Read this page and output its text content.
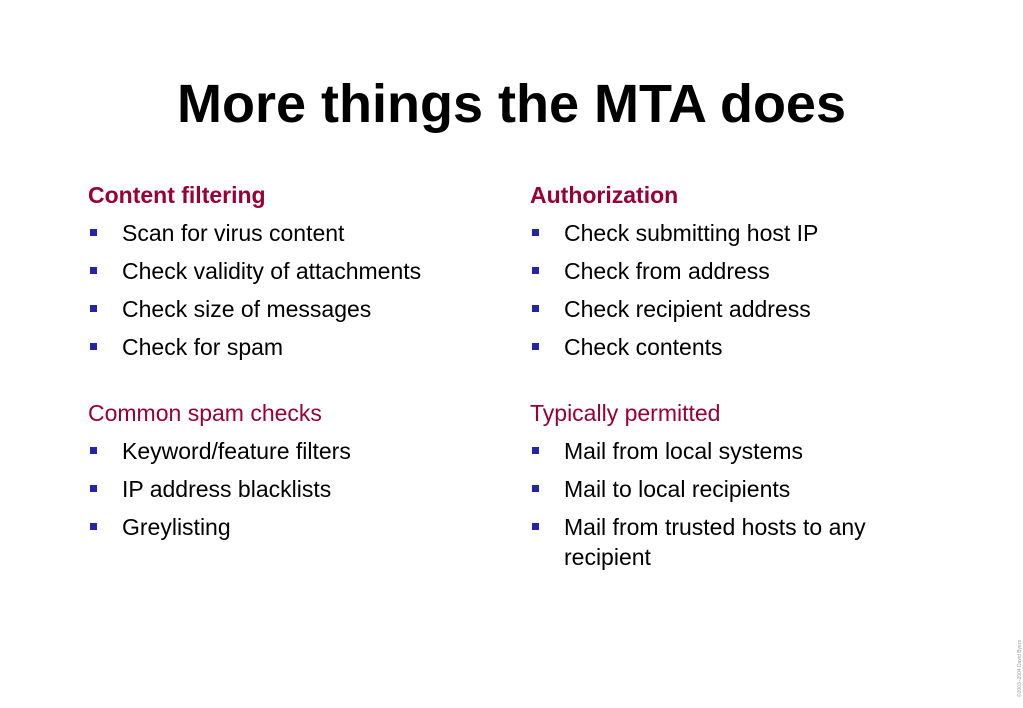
More things the MTA does
Content filtering
Scan for virus content
Check validity of attachments
Check size of messages
Check for spam
Common spam checks
Keyword/feature filters
IP address blacklists
Greylisting
Authorization
Check submitting host IP
Check from address
Check recipient address
Check contents
Typically permitted
Mail from local systems
Mail to local recipients
Mail from trusted hosts to any recipient
©2003–2004 David Byers
